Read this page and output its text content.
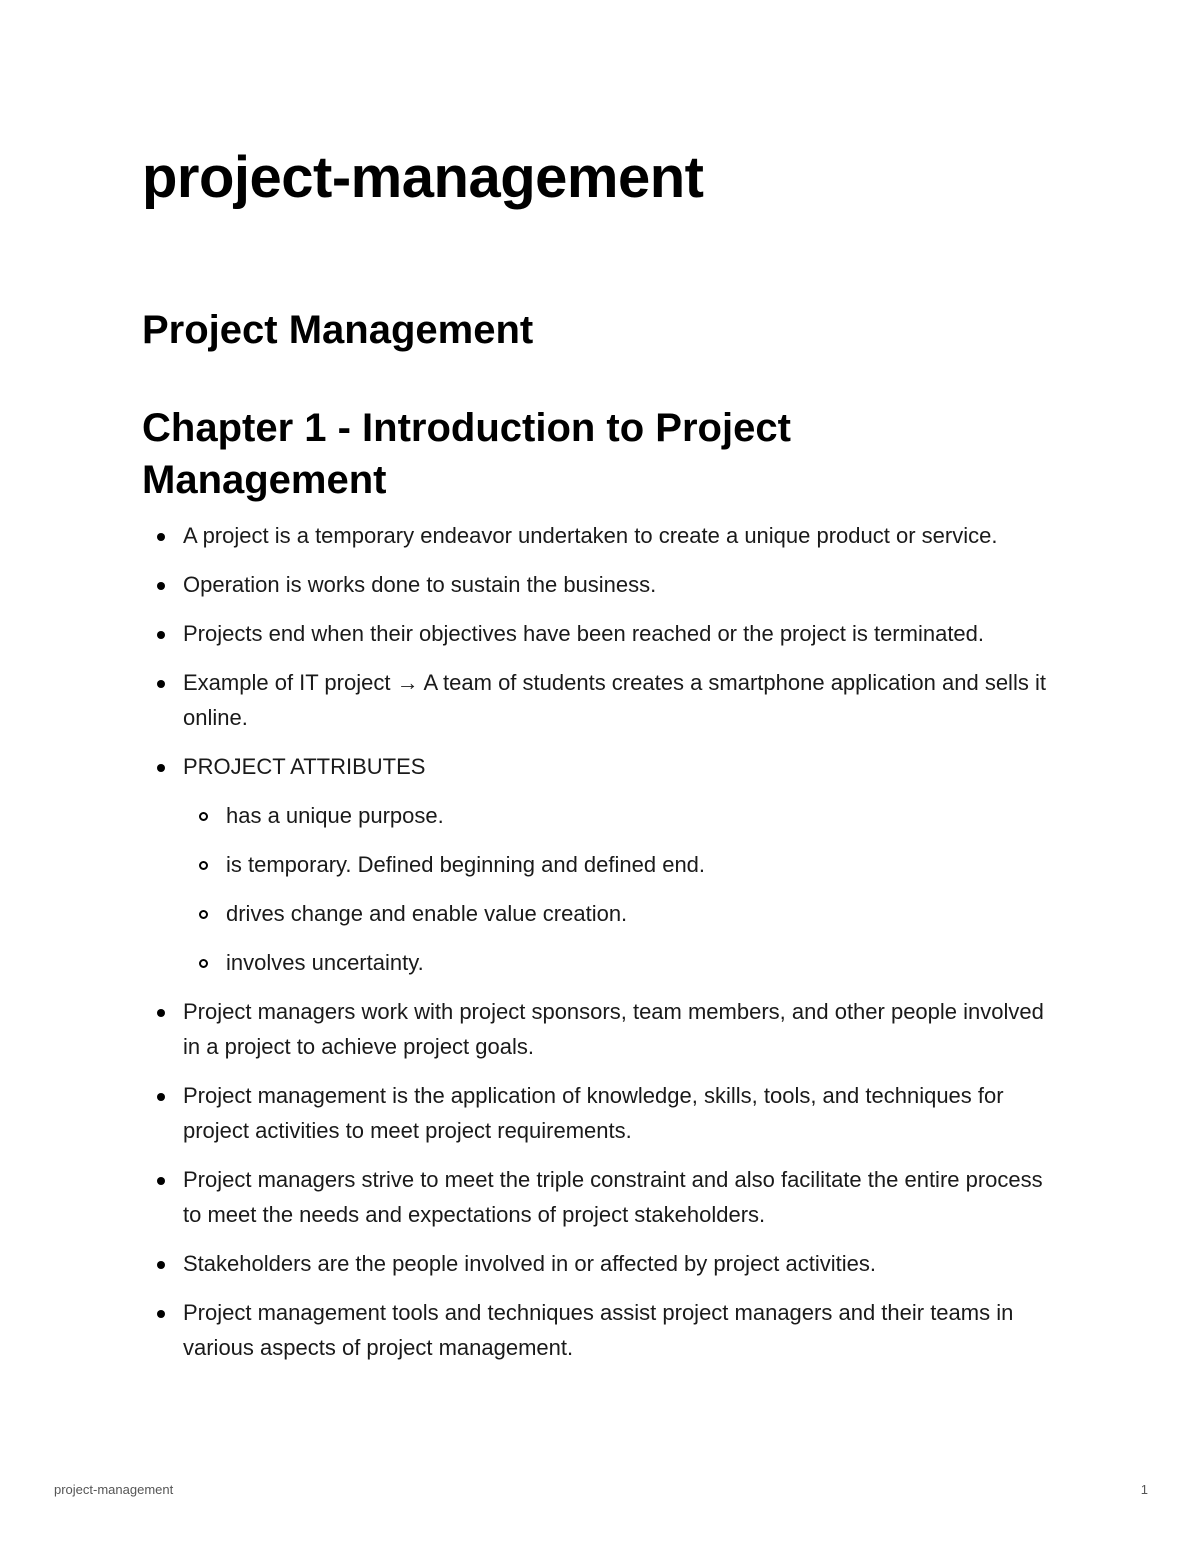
project-management
Project Management
Chapter 1 - Introduction to Project Management
A project is a temporary endeavor undertaken to create a unique product or service.
Operation is works done to sustain the business.
Projects end when their objectives have been reached or the project is terminated.
Example of IT project → A team of students creates a smartphone application and sells it online.
PROJECT ATTRIBUTES
has a unique purpose.
is temporary. Defined beginning and defined end.
drives change and enable value creation.
involves uncertainty.
Project managers work with project sponsors, team members, and other people involved in a project to achieve project goals.
Project management is the application of knowledge, skills, tools, and techniques for project activities to meet project requirements.
Project managers strive to meet the triple constraint and also facilitate the entire process to meet the needs and expectations of project stakeholders.
Stakeholders are the people involved in or affected by project activities.
Project management tools and techniques assist project managers and their teams in various aspects of project management.
project-management	1
